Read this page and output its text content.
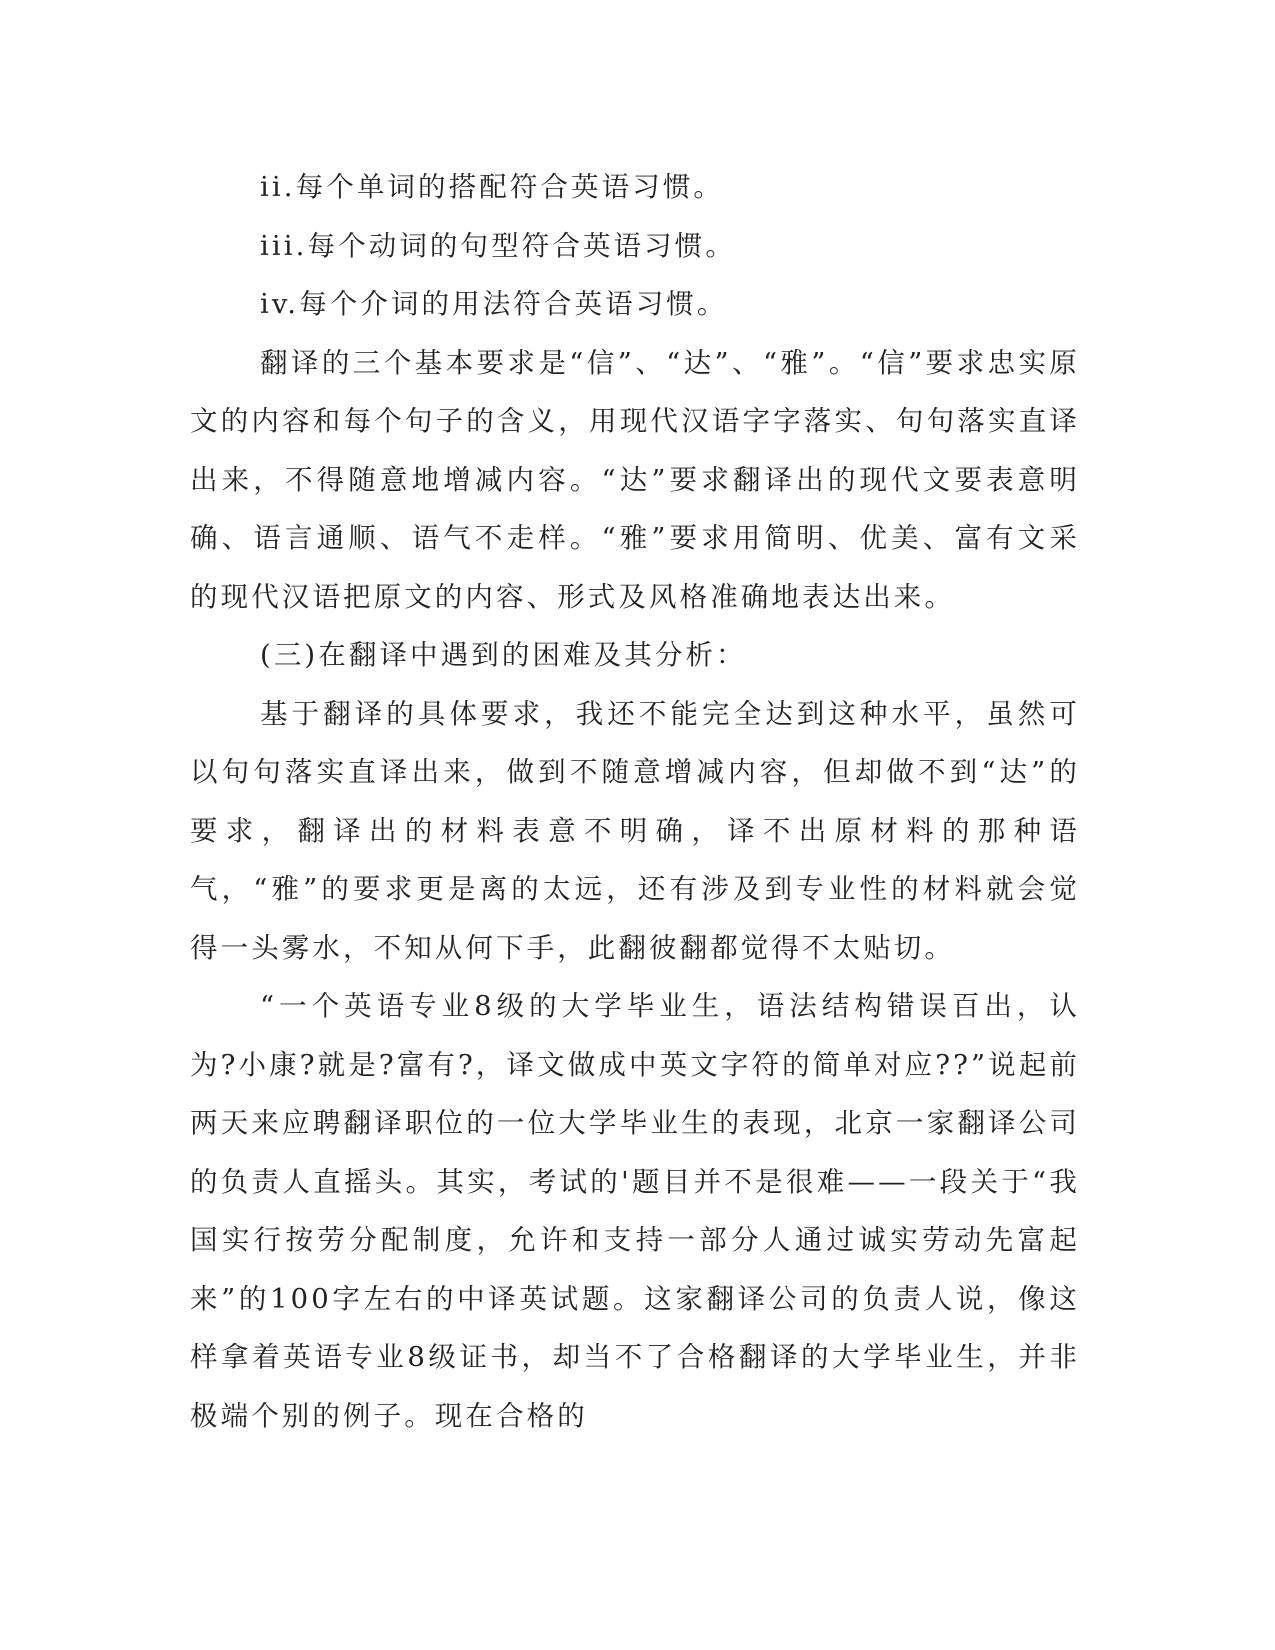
ii.每个单词的搭配符合英语习惯。

iii.每个动词的句型符合英语习惯。

iv.每个介词的用法符合英语习惯。

翻译的三个基本要求是“信”、“达”、“雅”。“信”要求忠实原文的内容和每个句子的含义，用现代汉语字字落实、句句落实直译出来，不得随意地增减内容。“达”要求翻译出的现代文要表意明确、语言通顺、语气不走样。“雅”要求用简明、优美、富有文采的现代汉语把原文的内容、形式及风格准确地表达出来。

(三)在翻译中遇到的困难及其分析：

基于翻译的具体要求，我还不能完全达到这种水平，虽然可以句句落实直译出来，做到不随意增减内容，但却做不到“达”的要求，翻译出的材料表意不明确，译不出原材料的那种语气，“雅”的要求更是离的太远，还有涉及到专业性的材料就会觉得一头雾水，不知从何下手，此翻彼翻都觉得不太贴切。

“一个英语专业8级的大学毕业生，语法结构错误百出，认为?小康?就是?富有?，译文做成中英文字符的简单对应??”说起前两天来应聘翻译职位的一位大学毕业生的表现，北京一家翻译公司的负责人直摇头。其实，考试的'题目并不是很难——一段关于“我国实行按劳分配制度，允许和支持一部分人通过诚实劳动先富起来”的100字左右的中译英试题。这家翻译公司的负责人说，像这样拿着英语专业8级证书，却当不了合格翻译的大学毕业生，并非极端个别的例子。现在合格的
